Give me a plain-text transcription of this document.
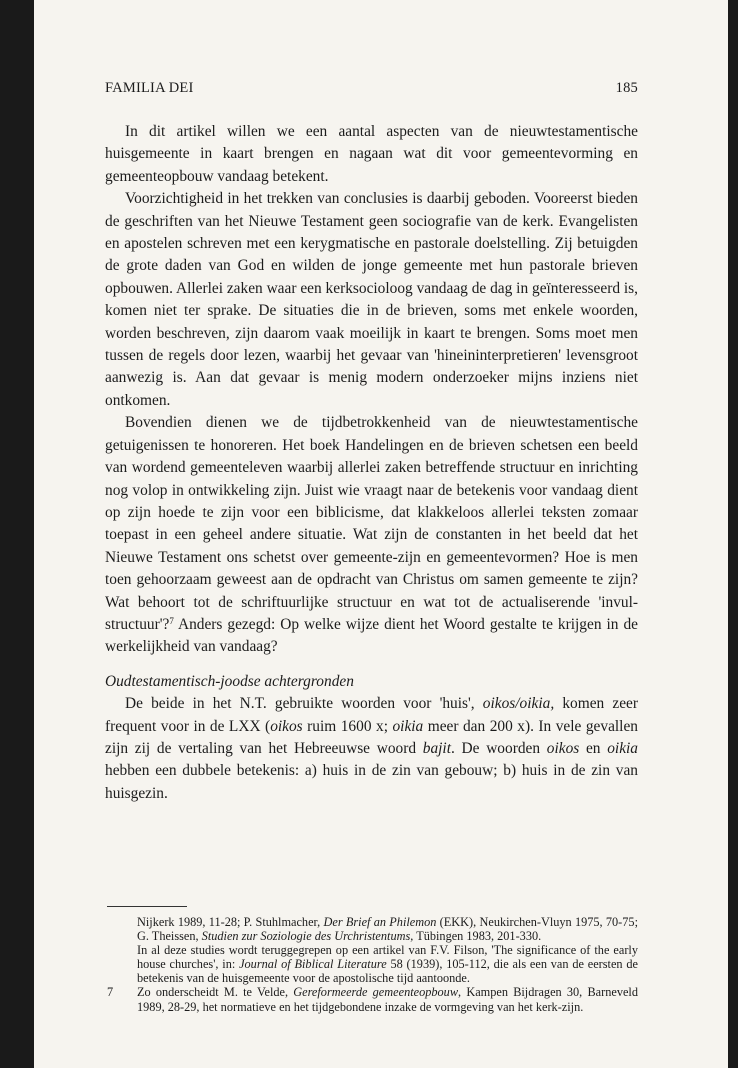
FAMILIA DEI	185

In dit artikel willen we een aantal aspecten van de nieuwtestamentische huisgemeente in kaart brengen en nagaan wat dit voor gemeentevorming en gemeenteopbouw vandaag betekent.

Voorzichtigheid in het trekken van conclusies is daarbij geboden. Vooreerst bieden de geschriften van het Nieuwe Testament geen sociografie van de kerk. Evangelisten en apostelen schreven met een kerygmatische en pastorale doelstelling. Zij betuigden de grote daden van God en wilden de jonge gemeente met hun pastorale brieven opbouwen. Allerlei zaken waar een kerksocioloog vandaag de dag in geïnteresseerd is, komen niet ter sprake. De situaties die in de brieven, soms met enkele woorden, worden beschreven, zijn daarom vaak moeilijk in kaart te brengen. Soms moet men tussen de regels door lezen, waarbij het gevaar van 'hineininterpretieren' levensgroot aanwezig is. Aan dat gevaar is menig modern onderzoeker mijns inziens niet ontkomen.

Bovendien dienen we de tijdbetrokkenheid van de nieuwtestamentische getuigenissen te honoreren. Het boek Handelingen en de brieven schetsen een beeld van wordend gemeenteleven waarbij allerlei zaken betreffende structuur en inrichting nog volop in ontwikkeling zijn. Juist wie vraagt naar de betekenis voor vandaag dient op zijn hoede te zijn voor een biblicisme, dat klakkeloos allerlei teksten zomaar toepast in een geheel andere situatie. Wat zijn de constanten in het beeld dat het Nieuwe Testament ons schetst over gemeente-zijn en gemeentevormen? Hoe is men toen gehoorzaam geweest aan de opdracht van Christus om samen gemeente te zijn? Wat behoort tot de schriftuurlijke structuur en wat tot de actualiserende 'invul-structuur'?$^7$ Anders gezegd: Op welke wijze dient het Woord gestalte te krijgen in de werkelijkheid van vandaag?

Oudtestamentisch-joodse achtergronden

De beide in het N.T. gebruikte woorden voor 'huis', oikos/oikia, komen zeer frequent voor in de LXX (oikos ruim 1600 x; oikia meer dan 200 x). In vele gevallen zijn zij de vertaling van het Hebreeuwse woord bajit. De woorden oikos en oikia hebben een dubbele betekenis: a) huis in de zin van gebouw; b) huis in de zin van huisgezin.

Nijkerk 1989, 11-28; P. Stuhlmacher, Der Brief an Philemon (EKK), Neukirchen-Vluyn 1975, 70-75; G. Theissen, Studien zur Soziologie des Urchristentums, Tübingen 1983, 201-330.
In al deze studies wordt teruggegrepen op een artikel van F.V. Filson, 'The significance of the early house churches', in: Journal of Biblical Literature 58 (1939), 105-112, die als een van de eersten de betekenis van de huisgemeente voor de apostolische tijd aantoonde.
7	Zo onderscheidt M. te Velde, Gereformeerde gemeenteopbouw, Kampen Bijdragen 30, Barneveld 1989, 28-29, het normatieve en het tijdgebondene inzake de vormgeving van het kerk-zijn.
